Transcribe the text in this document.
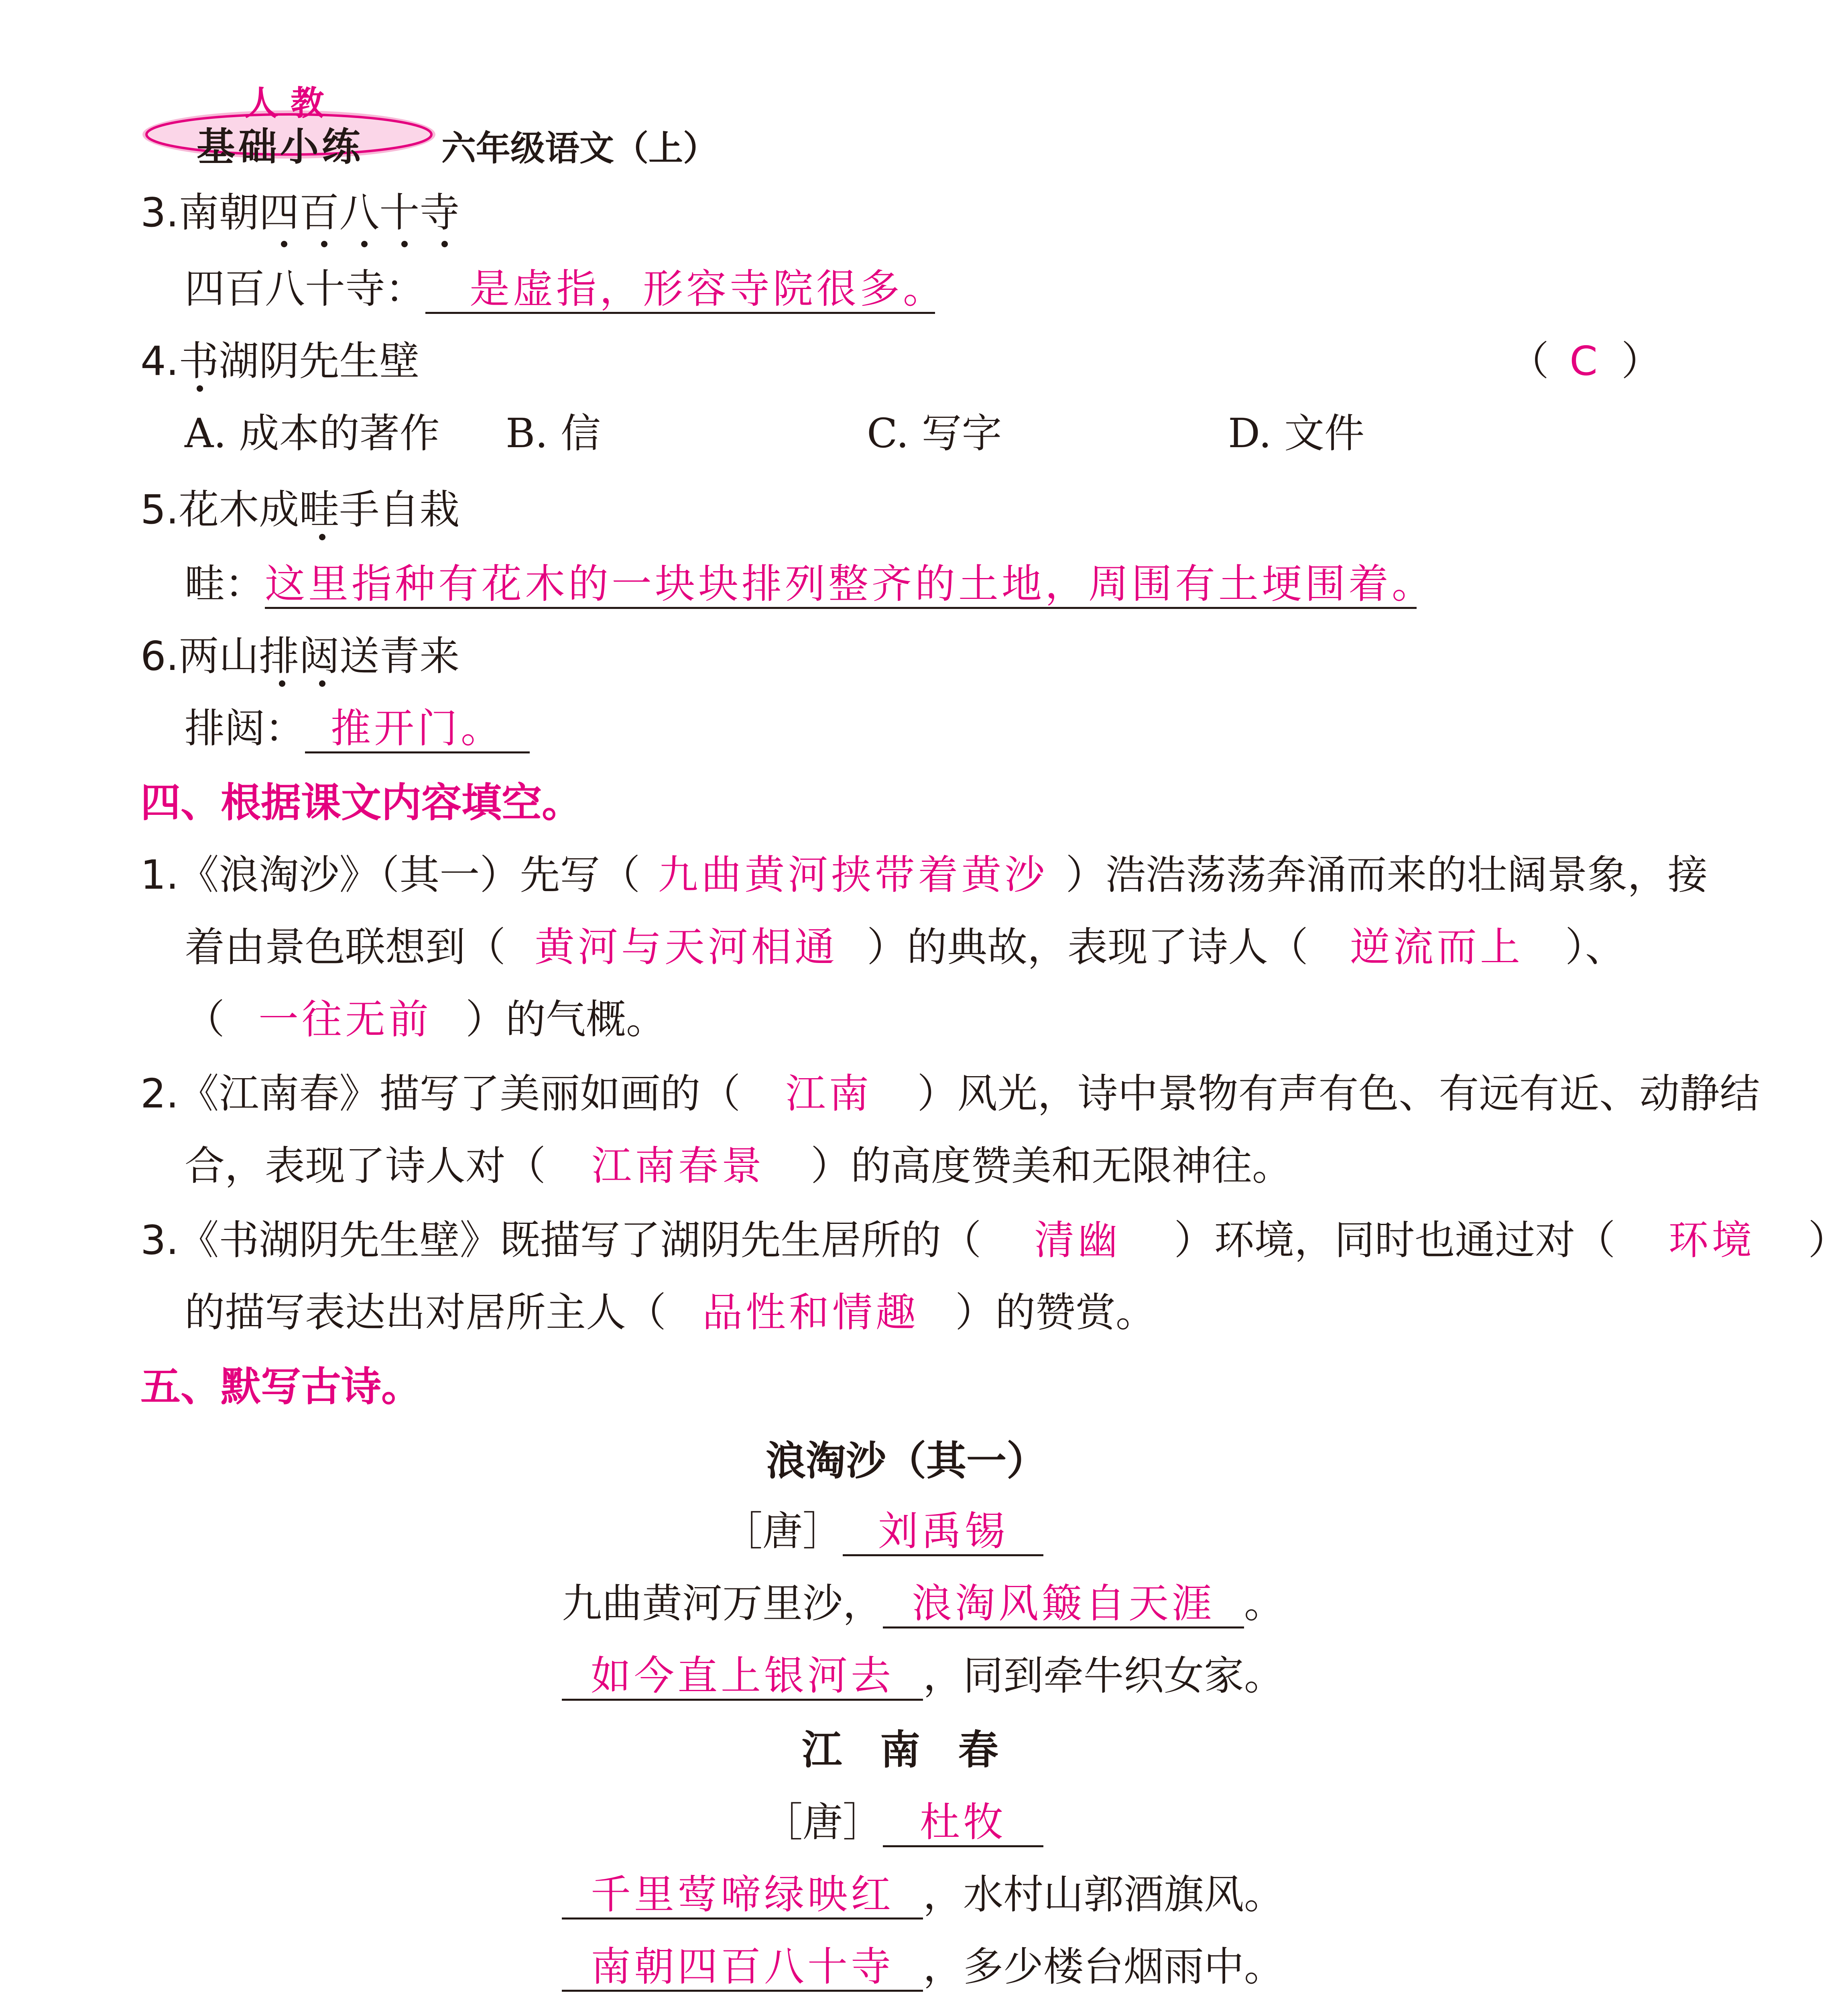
人教
基础小练 六年级语文（上）
3.南朝四百八十寺
四百八十寺： 是虚指，形容寺院很多。
4.书湖阴先生壁	（ C ）
A. 成本的著作 B. 信	C. 写字	D. 文件
5.花木成畦手自栽
畦：这里指种有花木的一块块排列整齐的土地，周围有土埂围着。
6.两山排闼送青来
排闼： 推开门。
四、根据课文内容填空。
1.《浪淘沙》（其一）先写（ 九曲黄河挟带着黄沙 ）浩浩荡荡奔涌而来的壮阔景象，接
着由景色联想到（ 黄河与天河相通 ）的典故，表现了诗人（ 逆流而上 ）、
（ 一往无前 ）的气概。
2.《江南春》描写了美丽如画的（ 江南 ）风光，诗中景物有声有色、有远有近、动静结
合，表现了诗人对（ 江南春景 ）的高度赞美和无限神往。
3.《书湖阴先生壁》既描写了湖阴先生居所的（ 清幽 ）环境，同时也通过对（ 环境 ）
的描写表达出对居所主人（ 品性和情趣 ）的赞赏。
五、默写古诗。
浪淘沙（其一）
［唐］ 刘禹锡
九曲黄河万里沙， 浪淘风簸自天涯 。
如今直上银河去 ，同到牵牛织女家。
江 南 春
［唐］ 杜牧
千里莺啼绿映红 ，水村山郭酒旗风。
南朝四百八十寺 ，多少楼台烟雨中。
